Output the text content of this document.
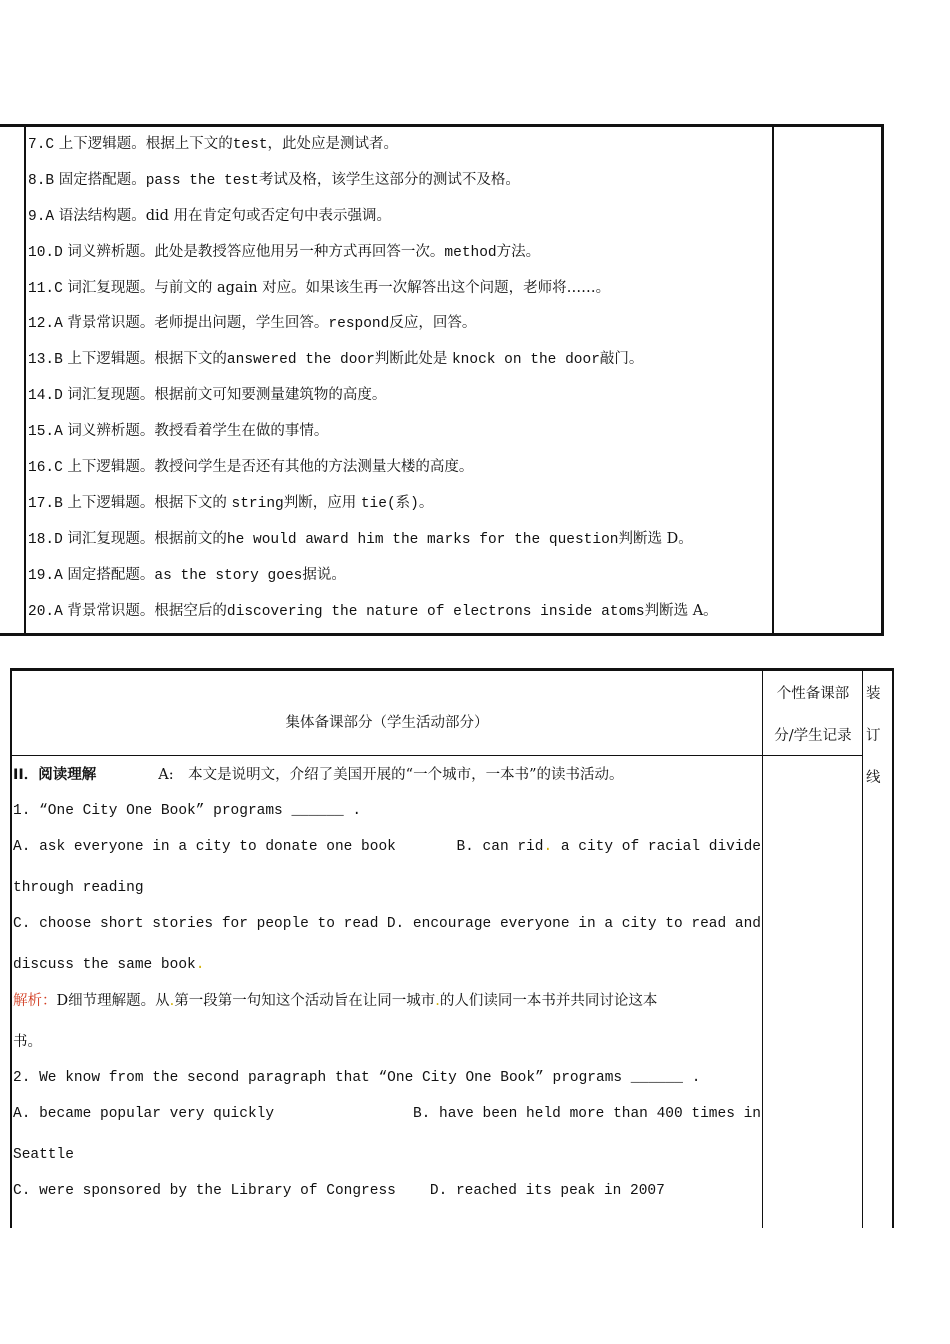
7.C 上下逻辑题。根据上下文的test，此处应是测试者。
8.B 固定搭配题。pass the test考试及格，该学生这部分的测试不及格。
9.A 语法结构题。did 用在肯定句或否定句中表示强调。
10.D 词义辨析题。此处是教授答应他用另一种方式再回答一次。method方法。
11.C 词汇复现题。与前文的 again 对应。如果该生再一次解答出这个问题，老师将……。
12.A 背景常识题。老师提出问题，学生回答。respond反应，回答。
13.B 上下逻辑题。根据下文的answered the door判断此处是 knock on the door敲门。
14.D 词汇复现题。根据前文可知要测量建筑物的高度。
15.A 词义辨析题。教授看着学生在做的事情。
16.C 上下逻辑题。教授问学生是否还有其他的方法测量大楼的高度。
17.B 上下逻辑题。根据下文的 string判断，应用 tie(系)。
18.D 词汇复现题。根据前文的he would award him the marks for the question判断选 D。
19.A 固定搭配题。as the story goes据说。
20.A 背景常识题。根据空后的discovering the nature of electrons inside atoms判断选 A。
集体备课部分（学生活动部分）
个性备课部
分/学生记录
装
订
线
II．阅读理解	A:　本文是说明文，介绍了美国开展的“一个城市，一本书”的读书活动。
1. “One City One Book” programs ______ .
A. ask everyone in a city to donate one book	B. can rid. a city of racial divide
through reading
C. choose short stories for people to read D. encourage everyone in a city to read and
discuss the same book.
解析：D细节理解题。从.第一段第一句知这个活动旨在让同一城市.的人们读同一本书并共同讨论这本
书。
2. We know from the second paragraph that “One City One Book” programs ______ .
A. became popular very quickly	B. have been held more than 400 times in
Seattle
C. were sponsored by the Library of Congress D. reached its peak in 2007
